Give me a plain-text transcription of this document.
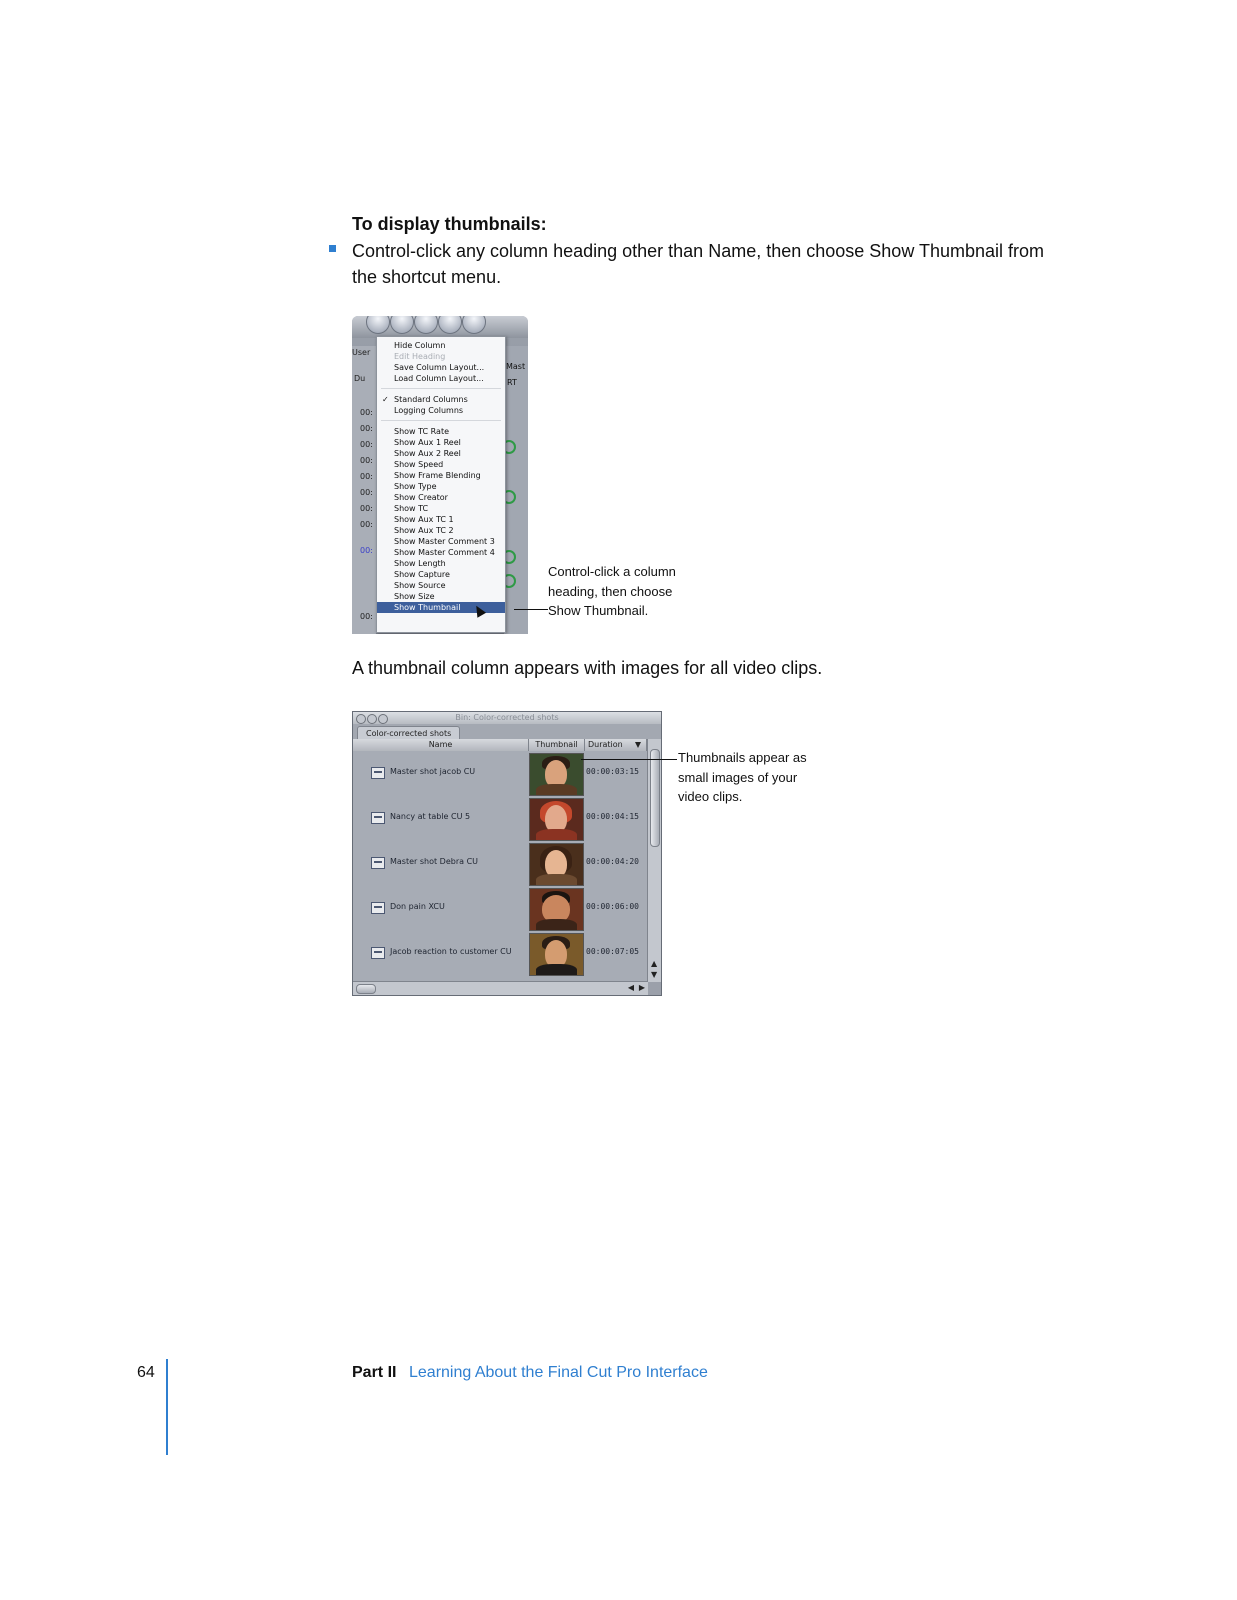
To display thumbnails:
Control-click any column heading other than Name, then choose Show Thumbnail from the shortcut menu.
User
Du
00:
00:
00:
00:
00:
00:
00:
00:
00:
00:
Mast
RT
Hide Column
Edit Heading
Save Column Layout...
Load Column Layout...
✓ Standard Columns
Logging Columns
Show TC Rate
Show Aux 1 Reel
Show Aux 2 Reel
Show Speed
Show Frame Blending
Show Type
Show Creator
Show TC
Show Aux TC 1
Show Aux TC 2
Show Master Comment 3
Show Master Comment 4
Show Length
Show Capture
Show Source
Show Size
Show Thumbnail
Control-click a column
heading, then choose
Show Thumbnail.
A thumbnail column appears with images for all video clips.
Bin: Color-corrected shots
Color-corrected shots
Name	Thumbnail	Duration
Master shot jacob CU	00:00:03:15
Nancy at table CU 5	00:00:04:15
Master shot Debra CU	00:00:04:20
Don pain XCU	00:00:06:00
Jacob reaction to customer CU	00:00:07:05
▲
▼
◀ ▶
Thumbnails appear as
small images of your
video clips.
64	Part II Learning About the Final Cut Pro Interface
